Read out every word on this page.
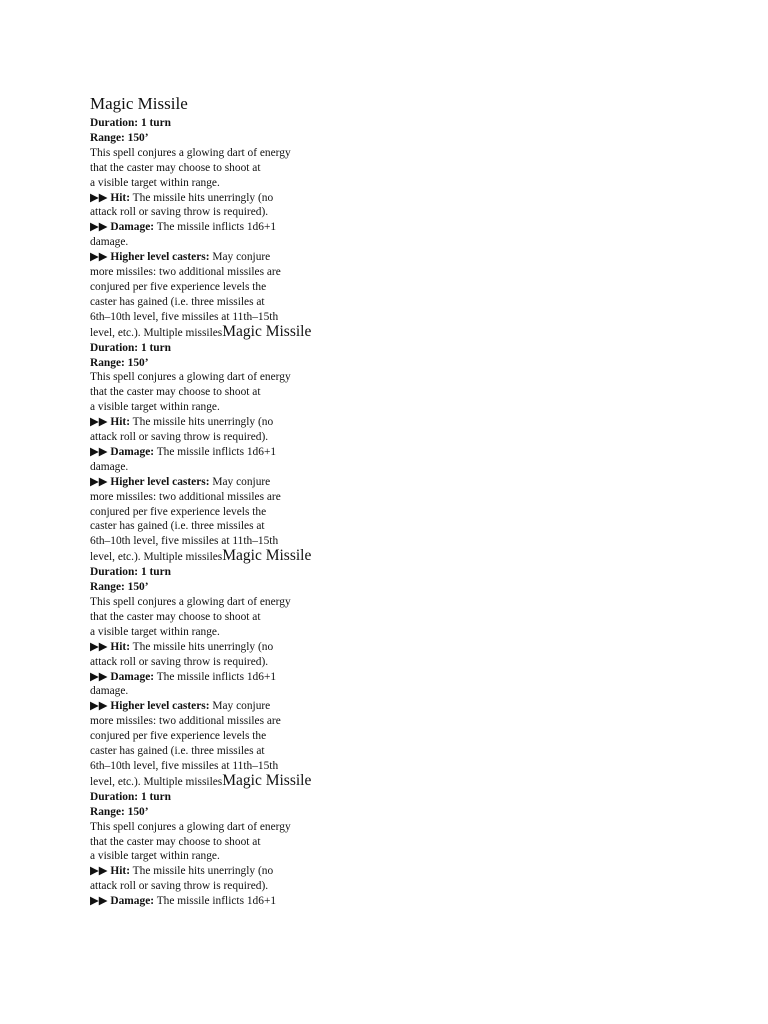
Magic Missile
Duration: 1 turn
Range: 150’
This spell conjures a glowing dart of energy
that the caster may choose to shoot at
a visible target within range.
▶▶ Hit: The missile hits unerringly (no
attack roll or saving throw is required).
▶▶ Damage: The missile inflicts 1d6+1
damage.
▶▶ Higher level casters: May conjure
more missiles: two additional missiles are
conjured per five experience levels the
caster has gained (i.e. three missiles at
6th–10th level, five missiles at 11th–15th
level, etc.). Multiple missilesMagic Missile
Duration: 1 turn
Range: 150’
This spell conjures a glowing dart of energy
that the caster may choose to shoot at
a visible target within range.
▶▶ Hit: The missile hits unerringly (no
attack roll or saving throw is required).
▶▶ Damage: The missile inflicts 1d6+1
damage.
▶▶ Higher level casters: May conjure
more missiles: two additional missiles are
conjured per five experience levels the
caster has gained (i.e. three missiles at
6th–10th level, five missiles at 11th–15th
level, etc.). Multiple missilesMagic Missile
Duration: 1 turn
Range: 150’
This spell conjures a glowing dart of energy
that the caster may choose to shoot at
a visible target within range.
▶▶ Hit: The missile hits unerringly (no
attack roll or saving throw is required).
▶▶ Damage: The missile inflicts 1d6+1
damage.
▶▶ Higher level casters: May conjure
more missiles: two additional missiles are
conjured per five experience levels the
caster has gained (i.e. three missiles at
6th–10th level, five missiles at 11th–15th
level, etc.). Multiple missilesMagic Missile
Duration: 1 turn
Range: 150’
This spell conjures a glowing dart of energy
that the caster may choose to shoot at
a visible target within range.
▶▶ Hit: The missile hits unerringly (no
attack roll or saving throw is required).
▶▶ Damage: The missile inflicts 1d6+1
